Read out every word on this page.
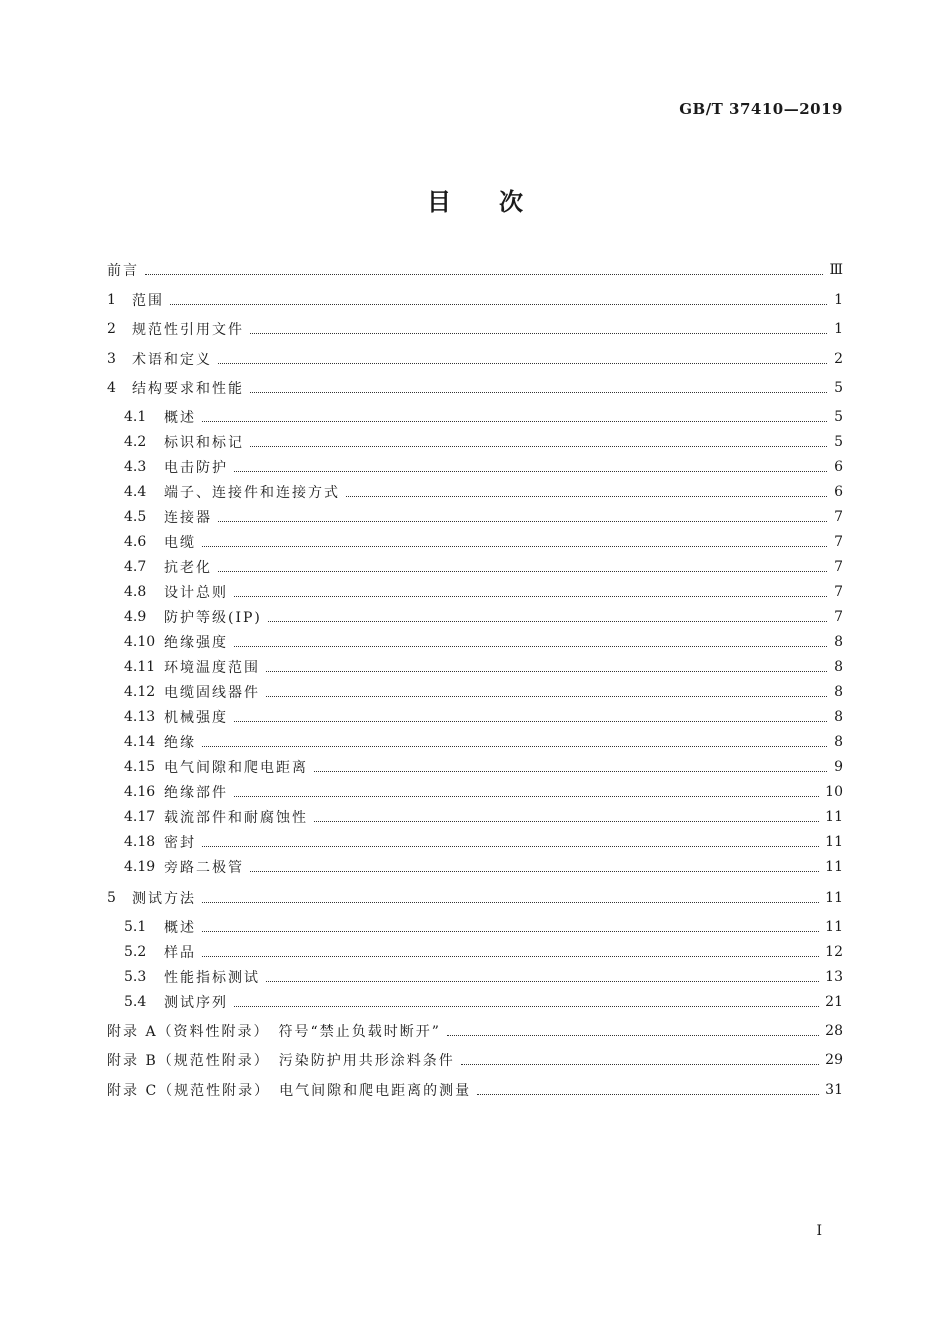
GB/T 37410—2019
目　　次
前言	Ⅲ
1	范围	1
2	规范性引用文件	1
3	术语和定义	2
4	结构要求和性能	5
4.1	概述	5
4.2	标识和标记	5
4.3	电击防护	6
4.4	端子、连接件和连接方式	6
4.5	连接器	7
4.6	电缆	7
4.7	抗老化	7
4.8	设计总则	7
4.9	防护等级(IP)	7
4.10 绝缘强度	8
4.11 环境温度范围	8
4.12 电缆固线器件	8
4.13 机械强度	8
4.14 绝缘	8
4.15 电气间隙和爬电距离	9
4.16 绝缘部件	10
4.17 载流部件和耐腐蚀性	11
4.18 密封	11
4.19 旁路二极管	11
5	测试方法	11
5.1	概述	11
5.2	样品	12
5.3	性能指标测试	13
5.4	测试序列	21
附录 A（资料性附录）　符号“禁止负载时断开”	28
附录 B（规范性附录）　污染防护用共形涂料条件	29
附录 C（规范性附录）　电气间隙和爬电距离的测量	31
Ⅰ
